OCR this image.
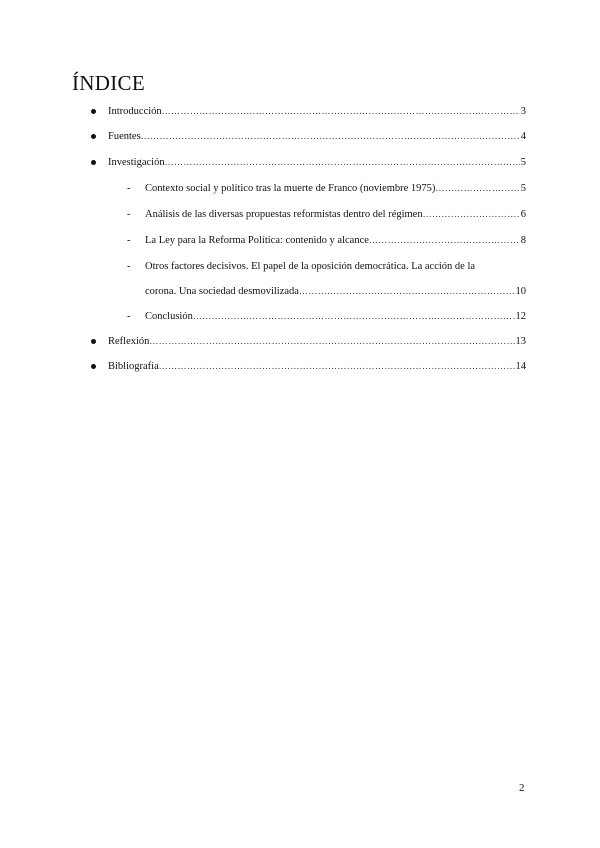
ÍNDICE
Introducción ………………………………………………………………………………………………………………………………………………………………………………	3
Fuentes ………………………………………………………………………………………………………………………………………………………………………………	4
Investigación ………………………………………………………………………………………………………………………………………………………………………………	5
- Contexto social y político tras la muerte de Franco (noviembre 1975) ………………………………………………………………………………………………………………………………………………………………………………	5
- Análisis de las diversas propuestas reformistas dentro del régimen ………………………………………………………………………………………………………………………………………………………………………………	6
- La Ley para la Reforma Política: contenido y alcance ………………………………………………………………………………………………………………………………………………………………………………	8
- Otros factores decisivos. El papel de la oposición democrática. La acción de la
corona. Una sociedad desmovilizada ………………………………………………………………………………………………………………………………………………………………………………	10
- Conclusión ………………………………………………………………………………………………………………………………………………………………………………	12
Reflexión ………………………………………………………………………………………………………………………………………………………………………………	13
Bibliografía ………………………………………………………………………………………………………………………………………………………………………………	14
2
